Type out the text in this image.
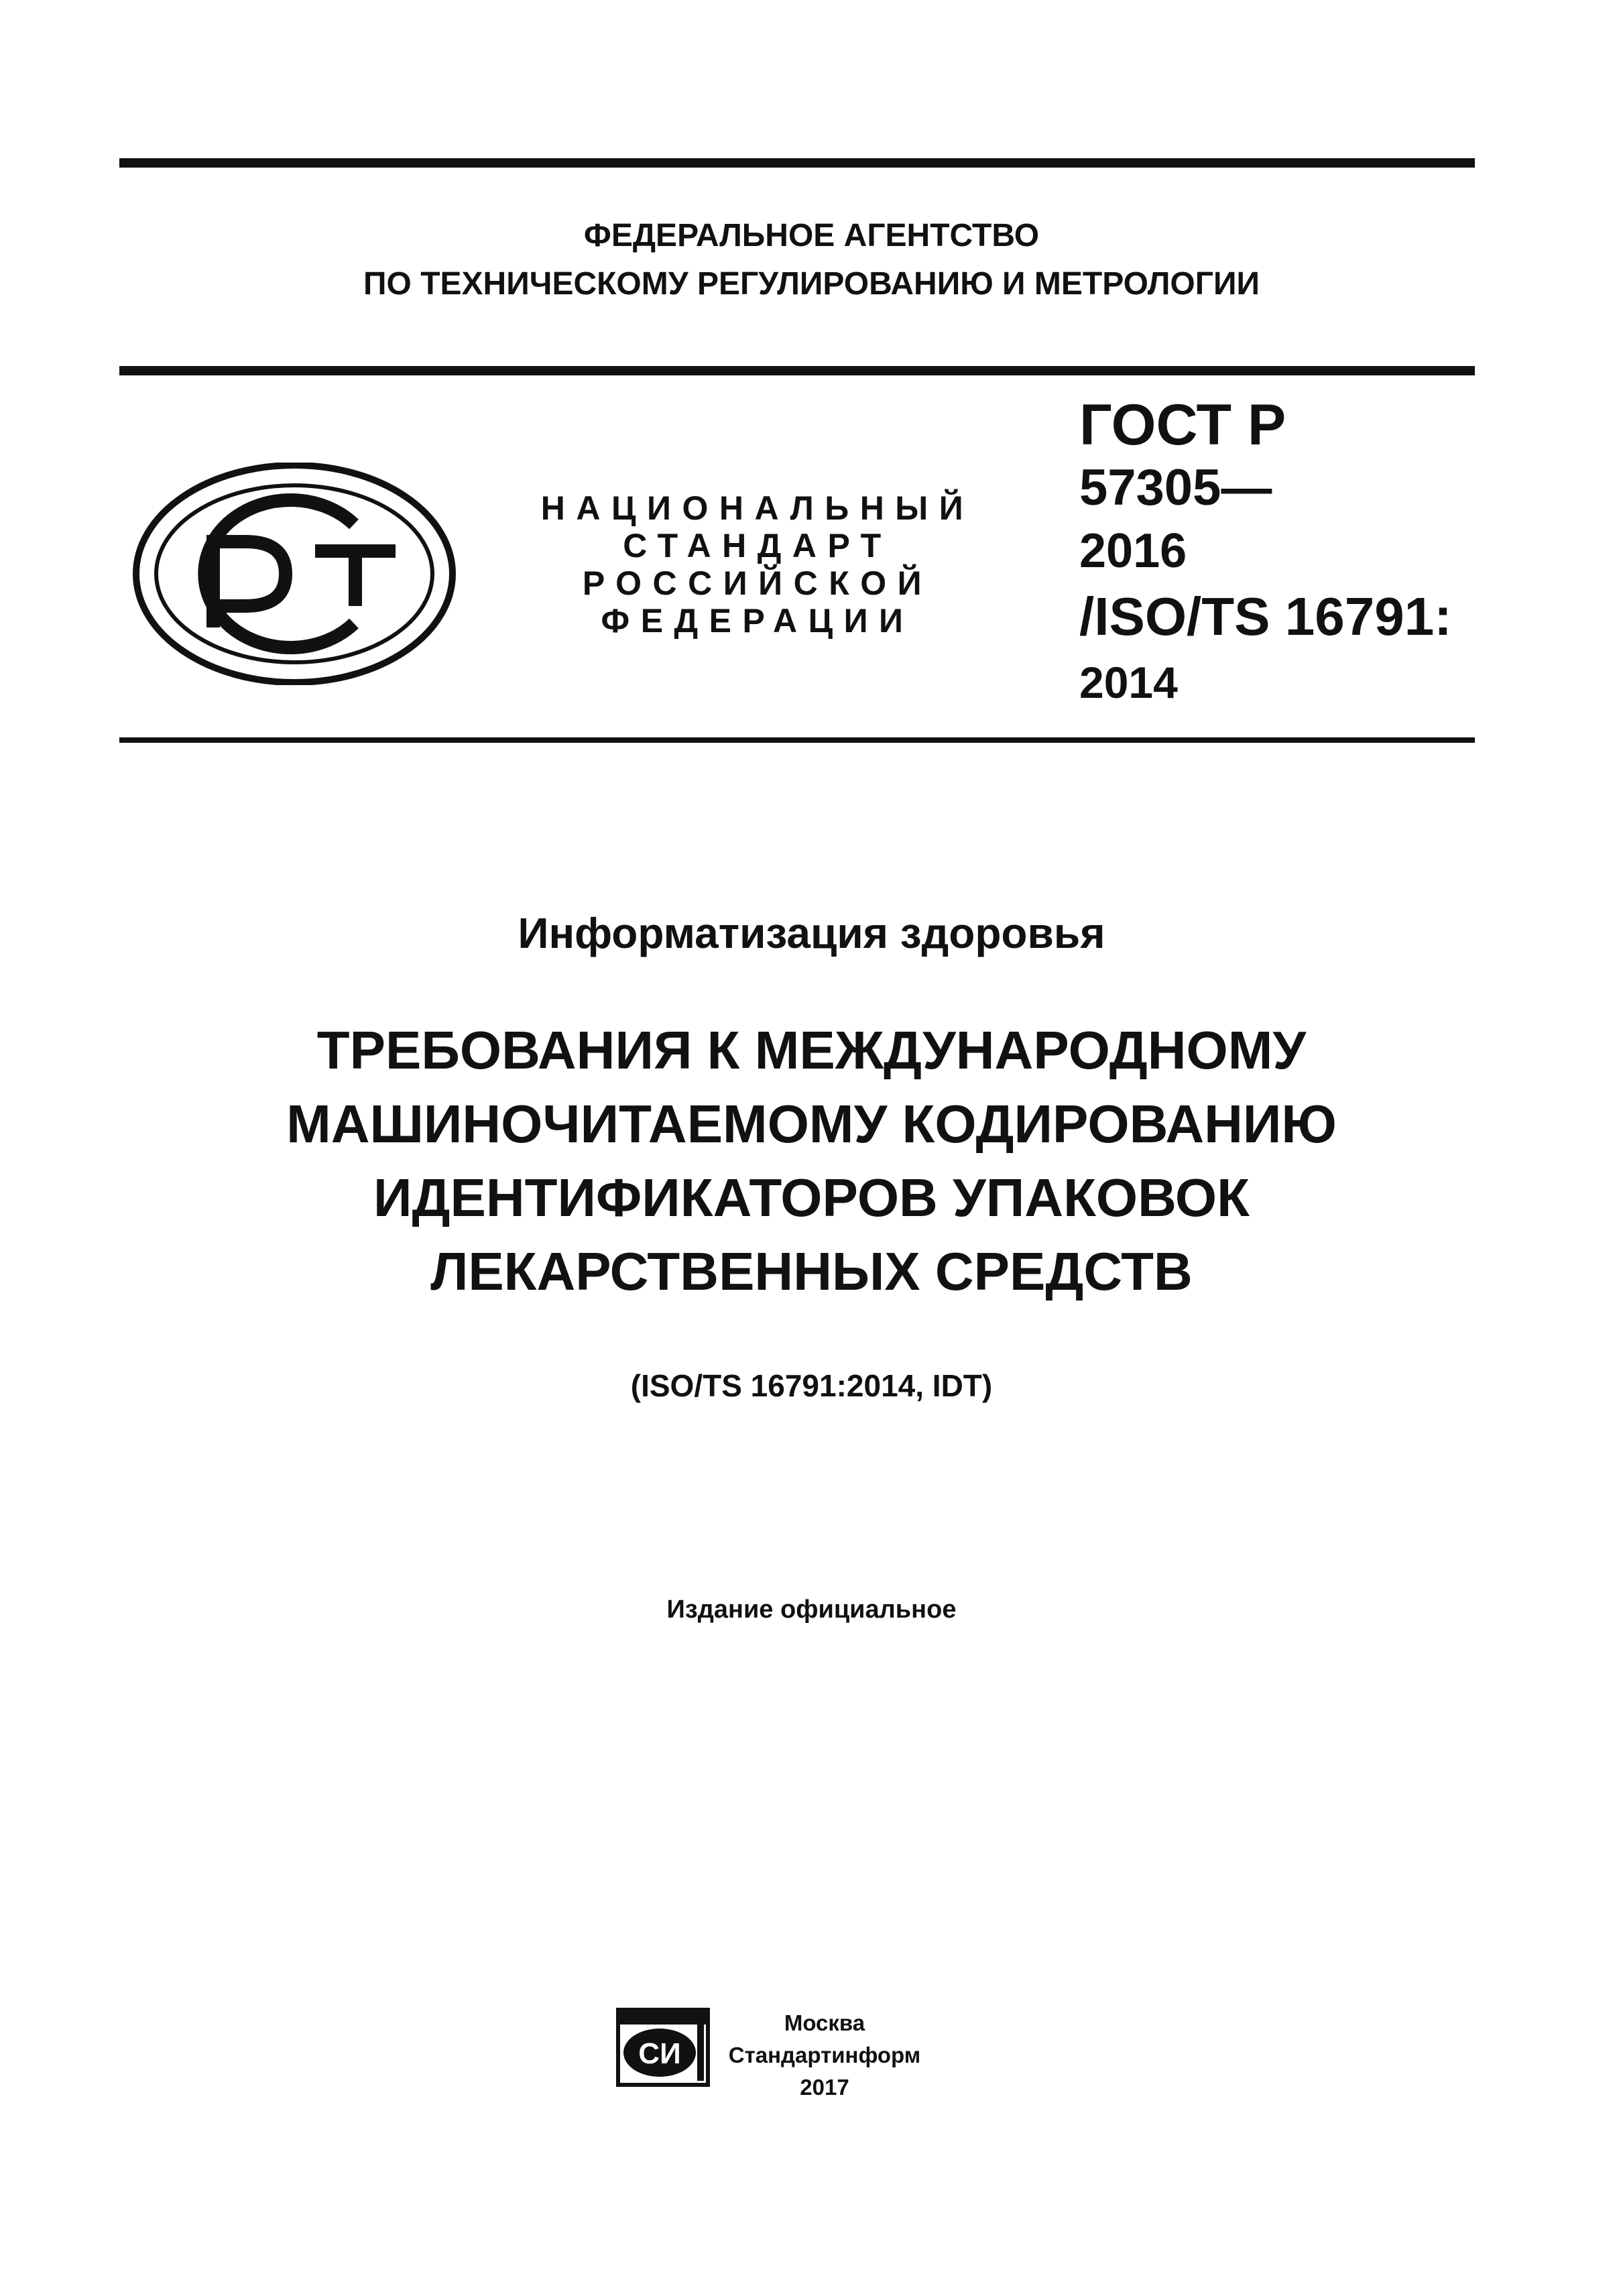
ФЕДЕРАЛЬНОЕ АГЕНТСТВО
ПО ТЕХНИЧЕСКОМУ РЕГУЛИРОВАНИЮ И МЕТРОЛОГИИ
НАЦИОНАЛЬНЫЙ
СТАНДАРТ
РОССИЙСКОЙ
ФЕДЕРАЦИИ
ГОСТ Р
57305—
2016
/ISO/TS 16791:
2014
Информатизация здоровья
ТРЕБОВАНИЯ К МЕЖДУНАРОДНОМУ
МАШИНОЧИТАЕМОМУ КОДИРОВАНИЮ
ИДЕНТИФИКАТОРОВ УПАКОВОК
ЛЕКАРСТВЕННЫХ СРЕДСТВ
(ISO/TS 16791:2014, IDT)
Издание официальное
СИ
Москва
Стандартинформ
2017
